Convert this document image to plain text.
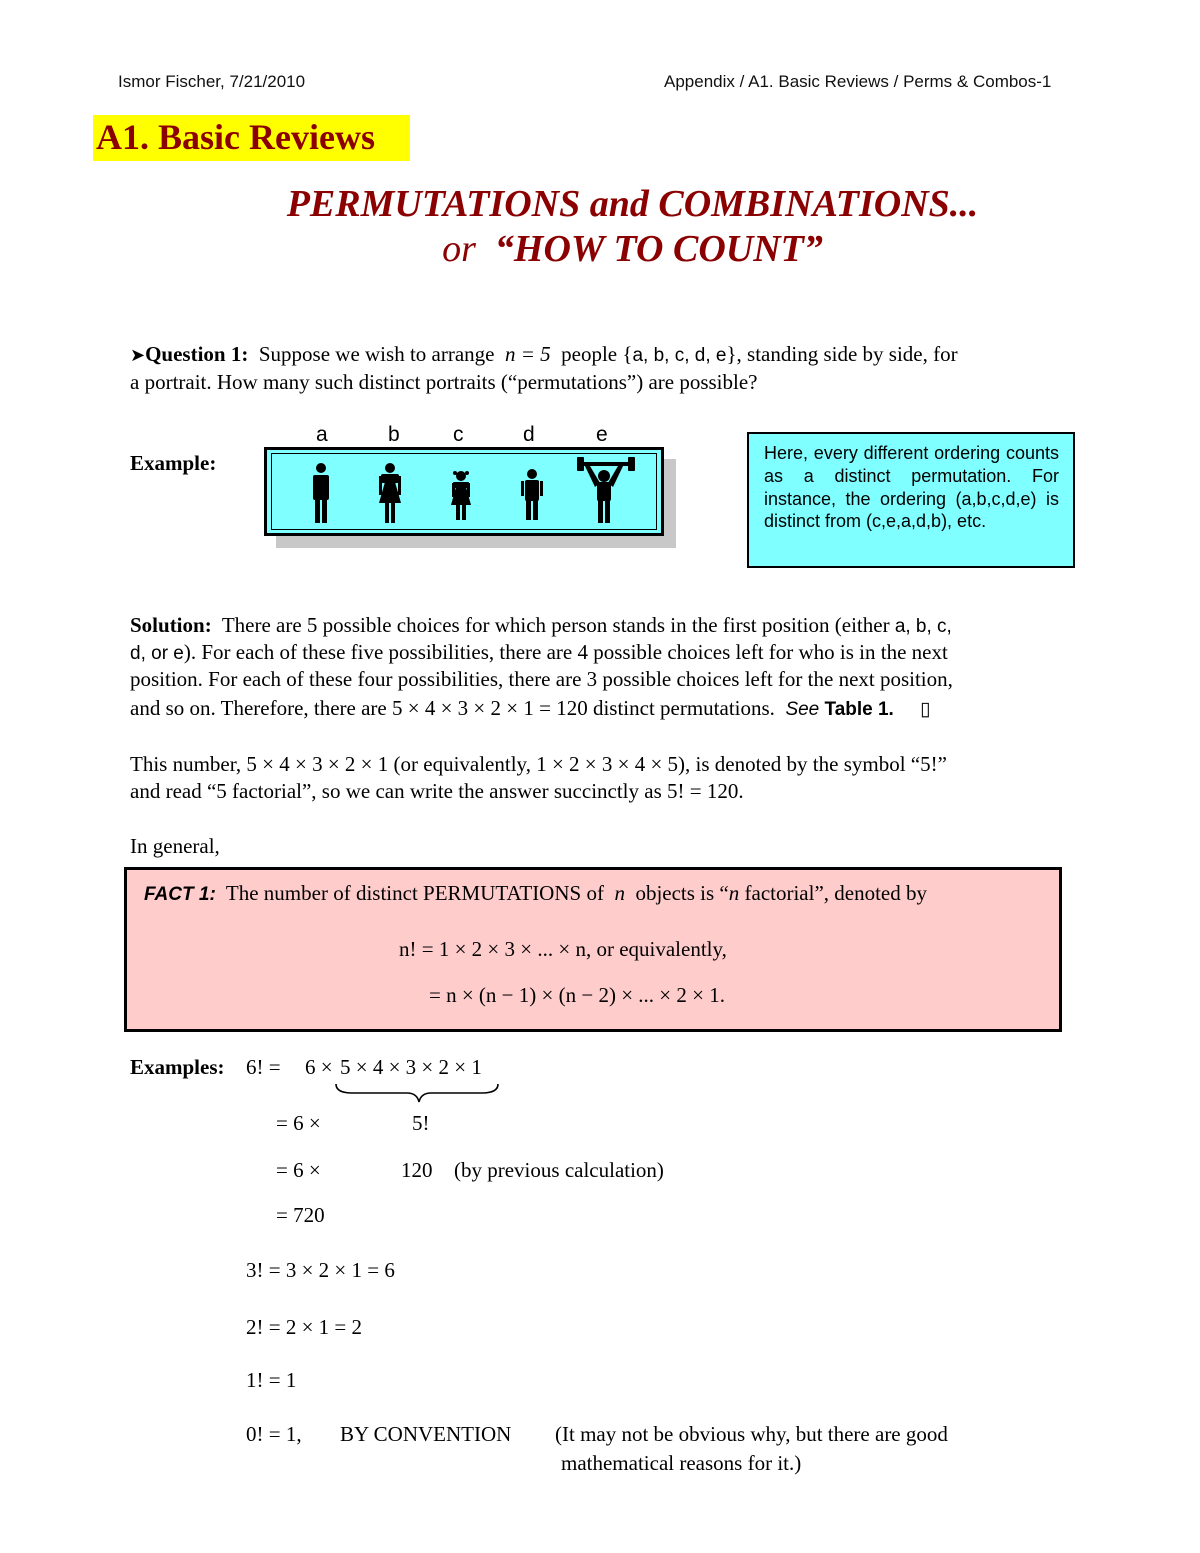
Ismor Fischer, 7/21/2010	Appendix / A1. Basic Reviews / Perms & Combos-1
A1. Basic Reviews
PERMUTATIONS and COMBINATIONS...
or “HOW TO COUNT”
➤Question 1: Suppose we wish to arrange n = 5 people {a, b, c, d, e}, standing side by side, for
a portrait. How many such distinct portraits (“permutations”) are possible?
Example:
a	b	c	d	e
Here, every different ordering counts as a distinct permutation. For instance, the ordering (a,b,c,d,e) is distinct from (c,e,a,d,b), etc.
Solution: There are 5 possible choices for which person stands in the first position (either a, b, c,
d, or e). For each of these five possibilities, there are 4 possible choices left for who is in the next
position. For each of these four possibilities, there are 3 possible choices left for the next position,
and so on. Therefore, there are 5 × 4 × 3 × 2 × 1 = 120 distinct permutations. See Table 1. ▯
This number, 5 × 4 × 3 × 2 × 1 (or equivalently, 1 × 2 × 3 × 4 × 5), is denoted by the symbol “5!”
and read “5 factorial”, so we can write the answer succinctly as 5! = 120.
In general,
FACT 1: The number of distinct PERMUTATIONS of n objects is “n factorial”, denoted by
n! = 1 × 2 × 3 × ... × n, or equivalently,
= n × (n − 1) × (n − 2) × ... × 2 × 1.
Examples: 6! = 6 × 5 × 4 × 3 × 2 × 1
= 6 ×	5!
= 6 ×	120 (by previous calculation)
= 720
3! = 3 × 2 × 1 = 6
2! = 2 × 1 = 2
1! = 1
0! = 1, BY CONVENTION (It may not be obvious why, but there are good
mathematical reasons for it.)
